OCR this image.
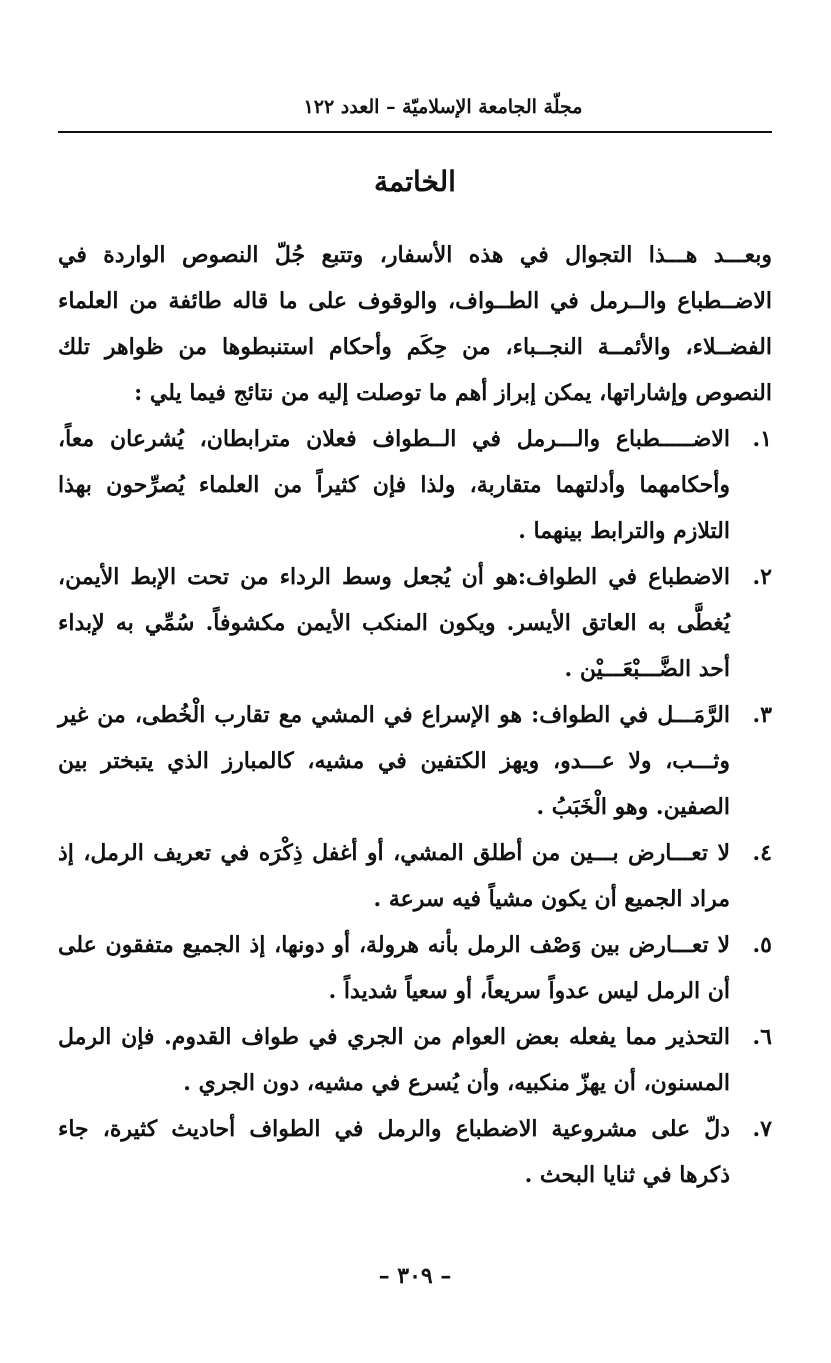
مجلّة الجامعة الإسلاميّة – العدد ١٢٢
الخاتمة

وبعـــد هـــذا التجوال في هذه الأسفار، وتتبع جُلّ النصوص الواردة في الاضــطباع والــرمل في الطــواف، والوقوف على ما قاله طائفة من العلماء الفضــلاء، والأئمــة النجــباء، من حِكَم وأحكام استنبطوها من ظواهر تلك النصوص وإشاراتها، يمكن إبراز أهم ما توصلت إليه من نتائج فيما يلي :

١.
الاضـــــطباع والـــرمل في الــطواف فعلان مترابطان، يُشرعان معاً، وأحكامهما وأدلتهما متقاربة، ولذا فإن كثيراً من العلماء يُصرِّحون بهذا التلازم والترابط بينهما .
٢.
الاضطباع في الطواف:هو أن يُجعل وسط الرداء من تحت الإبط الأيمن، يُغطَّى به العاتق الأيسر. ويكون المنكب الأيمن مكشوفاً. سُمِّي به لإبداء أحد الضَّـــبْعَـــيْن .
٣.
الرَّمَـــل في الطواف: هو الإسراع في المشي مع تقارب الْخُطى، من غير وثـــب، ولا عـــدو، ويهز الكتفين في مشيه، كالمبارز الذي يتبختر بين الصفين. وهو الْخَبَبُ .
٤.
لا تعـــارض بـــين من أطلق المشي، أو أغفل ذِكْرَه في تعريف الرمل، إذ مراد الجميع أن يكون مشياً فيه سرعة .
٥.
لا تعـــارض بين وَصْف الرمل بأنه هرولة، أو دونها، إذ الجميع متفقون على أن الرمل ليس عدواً سريعاً، أو سعياً شديداً .
٦.
التحذير مما يفعله بعض العوام من الجري في طواف القدوم. فإن الرمل المسنون، أن يهزّ منكبيه، وأن يُسرع في مشيه، دون الجري .
٧.
دلّ على مشروعية الاضطباع والرمل في الطواف أحاديث كثيرة، جاء ذكرها في ثنايا البحث .
– ٣٠٩ –
